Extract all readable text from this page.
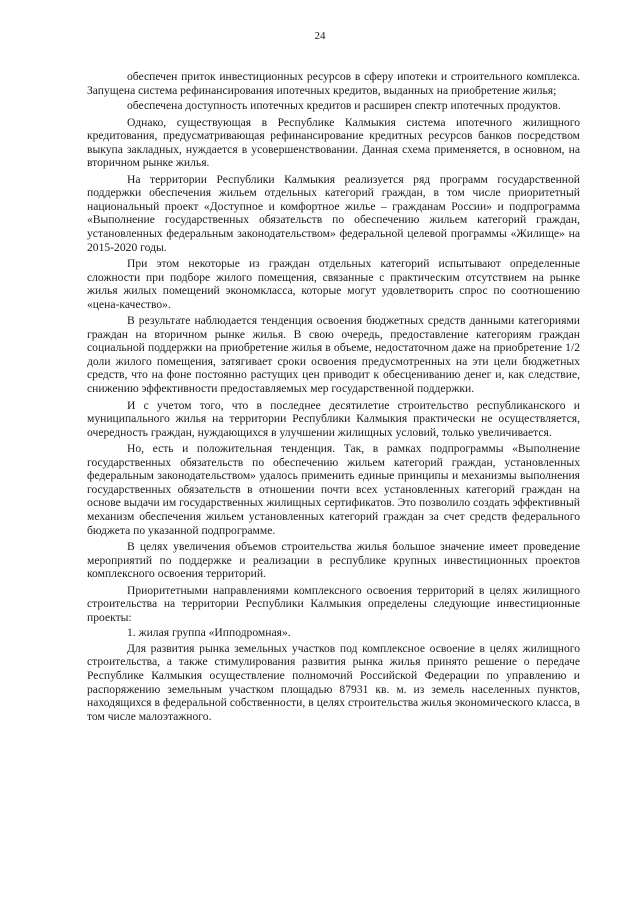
24

обеспечен приток инвестиционных ресурсов в сферу ипотеки и строительного комплекса. Запущена система рефинансирования ипотечных кредитов, выданных на приобретение жилья;

обеспечена доступность ипотечных кредитов и расширен спектр ипотечных продуктов.

Однако, существующая в Республике Калмыкия система ипотечного жилищного кредитования, предусматривающая рефинансирование кредитных ресурсов банков посредством выкупа закладных, нуждается в усовершенствовании. Данная схема применяется, в основном, на вторичном рынке жилья.

На территории Республики Калмыкия реализуется ряд программ государственной поддержки обеспечения жильем отдельных категорий граждан, в том числе приоритетный национальный проект «Доступное и комфортное жилье – гражданам России» и подпрограмма «Выполнение государственных обязательств по обеспечению жильем категорий граждан, установленных федеральным законодательством» федеральной целевой программы «Жилище» на 2015-2020 годы.

При этом некоторые из граждан отдельных категорий испытывают определенные сложности при подборе жилого помещения, связанные с практическим отсутствием на рынке жилья жилых помещений экономкласса, которые могут удовлетворить спрос по соотношению «цена-качество».

В результате наблюдается тенденция освоения бюджетных средств данными категориями граждан на вторичном рынке жилья. В свою очередь, предоставление категориям граждан социальной поддержки на приобретение жилья в объеме, недостаточном даже на приобретение 1/2 доли жилого помещения, затягивает сроки освоения предусмотренных на эти цели бюджетных средств, что на фоне постоянно растущих цен приводит к обесцениванию денег и, как следствие, снижению эффективности предоставляемых мер государственной поддержки.

И с учетом того, что в последнее десятилетие строительство республиканского и муниципального жилья на территории Республики Калмыкия практически не осуществляется, очередность граждан, нуждающихся в улучшении жилищных условий, только увеличивается.

Но, есть и положительная тенденция. Так, в рамках подпрограммы «Выполнение государственных обязательств по обеспечению жильем категорий граждан, установленных федеральным законодательством» удалось применить единые принципы и механизмы выполнения государственных обязательств в отношении почти всех установленных категорий граждан на основе выдачи им государственных жилищных сертификатов. Это позволило создать эффективный механизм обеспечения жильем установленных категорий граждан за счет средств федерального бюджета по указанной подпрограмме.

В целях увеличения объемов строительства жилья большое значение имеет проведение мероприятий по поддержке и реализации в республике крупных инвестиционных проектов комплексного освоения территорий.

Приоритетными направлениями комплексного освоения территорий в целях жилищного строительства на территории Республики Калмыкия определены следующие инвестиционные проекты:

1. жилая группа «Ипподромная».

Для развития рынка земельных участков под комплексное освоение в целях жилищного строительства, а также стимулирования развития рынка жилья принято решение о передаче Республике Калмыкия осуществление полномочий Российской Федерации по управлению и распоряжению земельным участком площадью 87931 кв. м. из земель населенных пунктов, находящихся в федеральной собственности, в целях строительства жилья экономического класса, в том числе малоэтажного.
